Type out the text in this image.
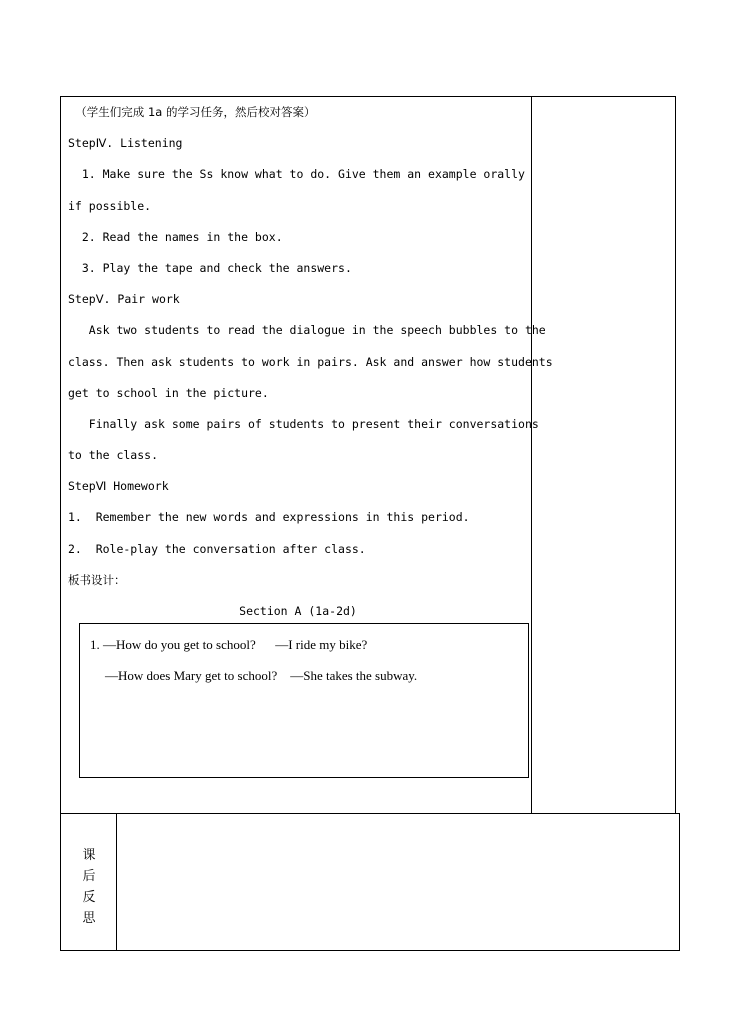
（学生们完成 1a 的学习任务，然后校对答案）
StepⅣ. Listening
1. Make sure the Ss know what to do. Give them an example orally
if possible.
2. Read the names in the box.
3. Play the tape and check the answers.
StepⅤ. Pair work
Ask two students to read the dialogue in the speech bubbles to the
class. Then ask students to work in pairs. Ask and answer how students
get to school in the picture.
Finally ask some pairs of students to present their conversations
to the class.
StepⅥ Homework
1.  Remember the new words and expressions in this period.
2.  Role-play the conversation after class.
板书设计：
Section A (1a-2d)
1. —How do you get to school?      —I ride my bike?
—How does Mary get to school?    —She takes the subway.
课
后
反
思
